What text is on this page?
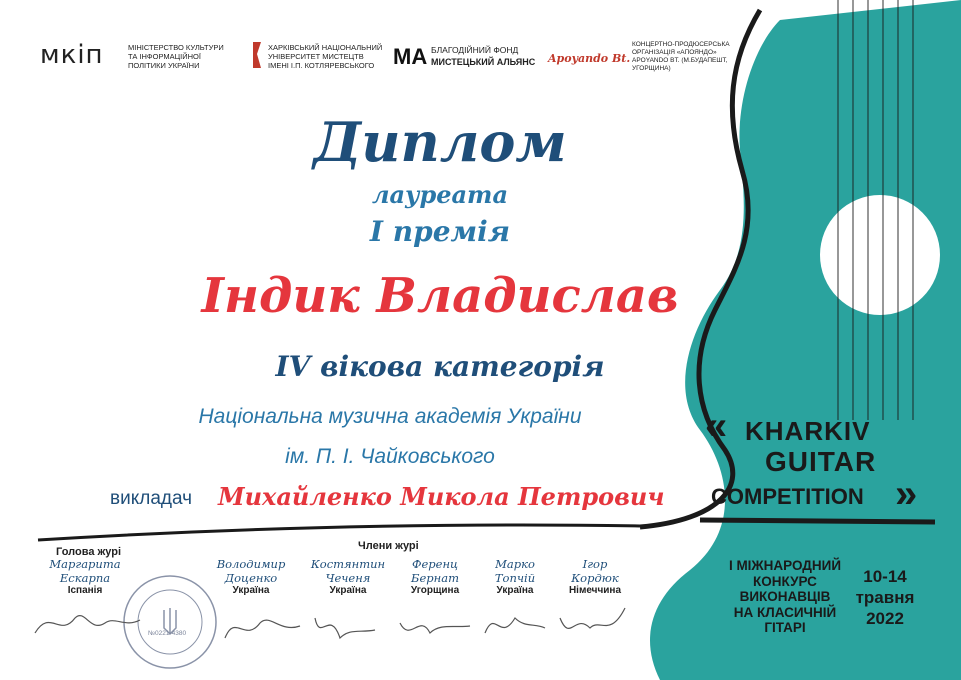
мкіп	МІНІСТЕРСТВО КУЛЬТУРИ ТА ІНФОРМАЦІЙНОЇ ПОЛІТИКИ УКРАЇНИ
ХАРКІВСЬКИЙ НАЦІОНАЛЬНИЙ УНІВЕРСИТЕТ МИСТЕЦТВ ІМЕНІ І.П. КОТЛЯРЕВСЬКОГО МА БЛАГОДІЙНИЙ ФОНД
МИСТЕЦЬКИЙ АЛЬЯНС Apoyando Bt.
КОНЦЕРТНО-ПРОДЮСЕРСЬКА ОРГАНІЗАЦІЯ «АПОЯНДО» APOYANDO BT. (М.БУДАПЕШТ, УГОРЩИНА)
Диплом
лауреата
І премія
Індик Владислав
IV вікова категорія
Національна музична академія України
ім. П. І. Чайковського
викладач Михайленко Микола Петрович
« KHARKIV
GUITAR
COMPETITION »
І МІЖНАРОДНИЙ
КОНКУРС
ВИКОНАВЦІВ
НА КЛАСИЧНІЙ
ГІТАРІ
10-14
травня
2022
Голова журі	Члени журі
Маргарита
Ескарпа
Іспанія
Володимир
Доценко
Україна
Костянтин
Чеченя
Україна
Ференц
Бернат
Угорщина
Марко
Топчій
Україна
Ігор
Кордюк
Німеччина
№0221-4380
